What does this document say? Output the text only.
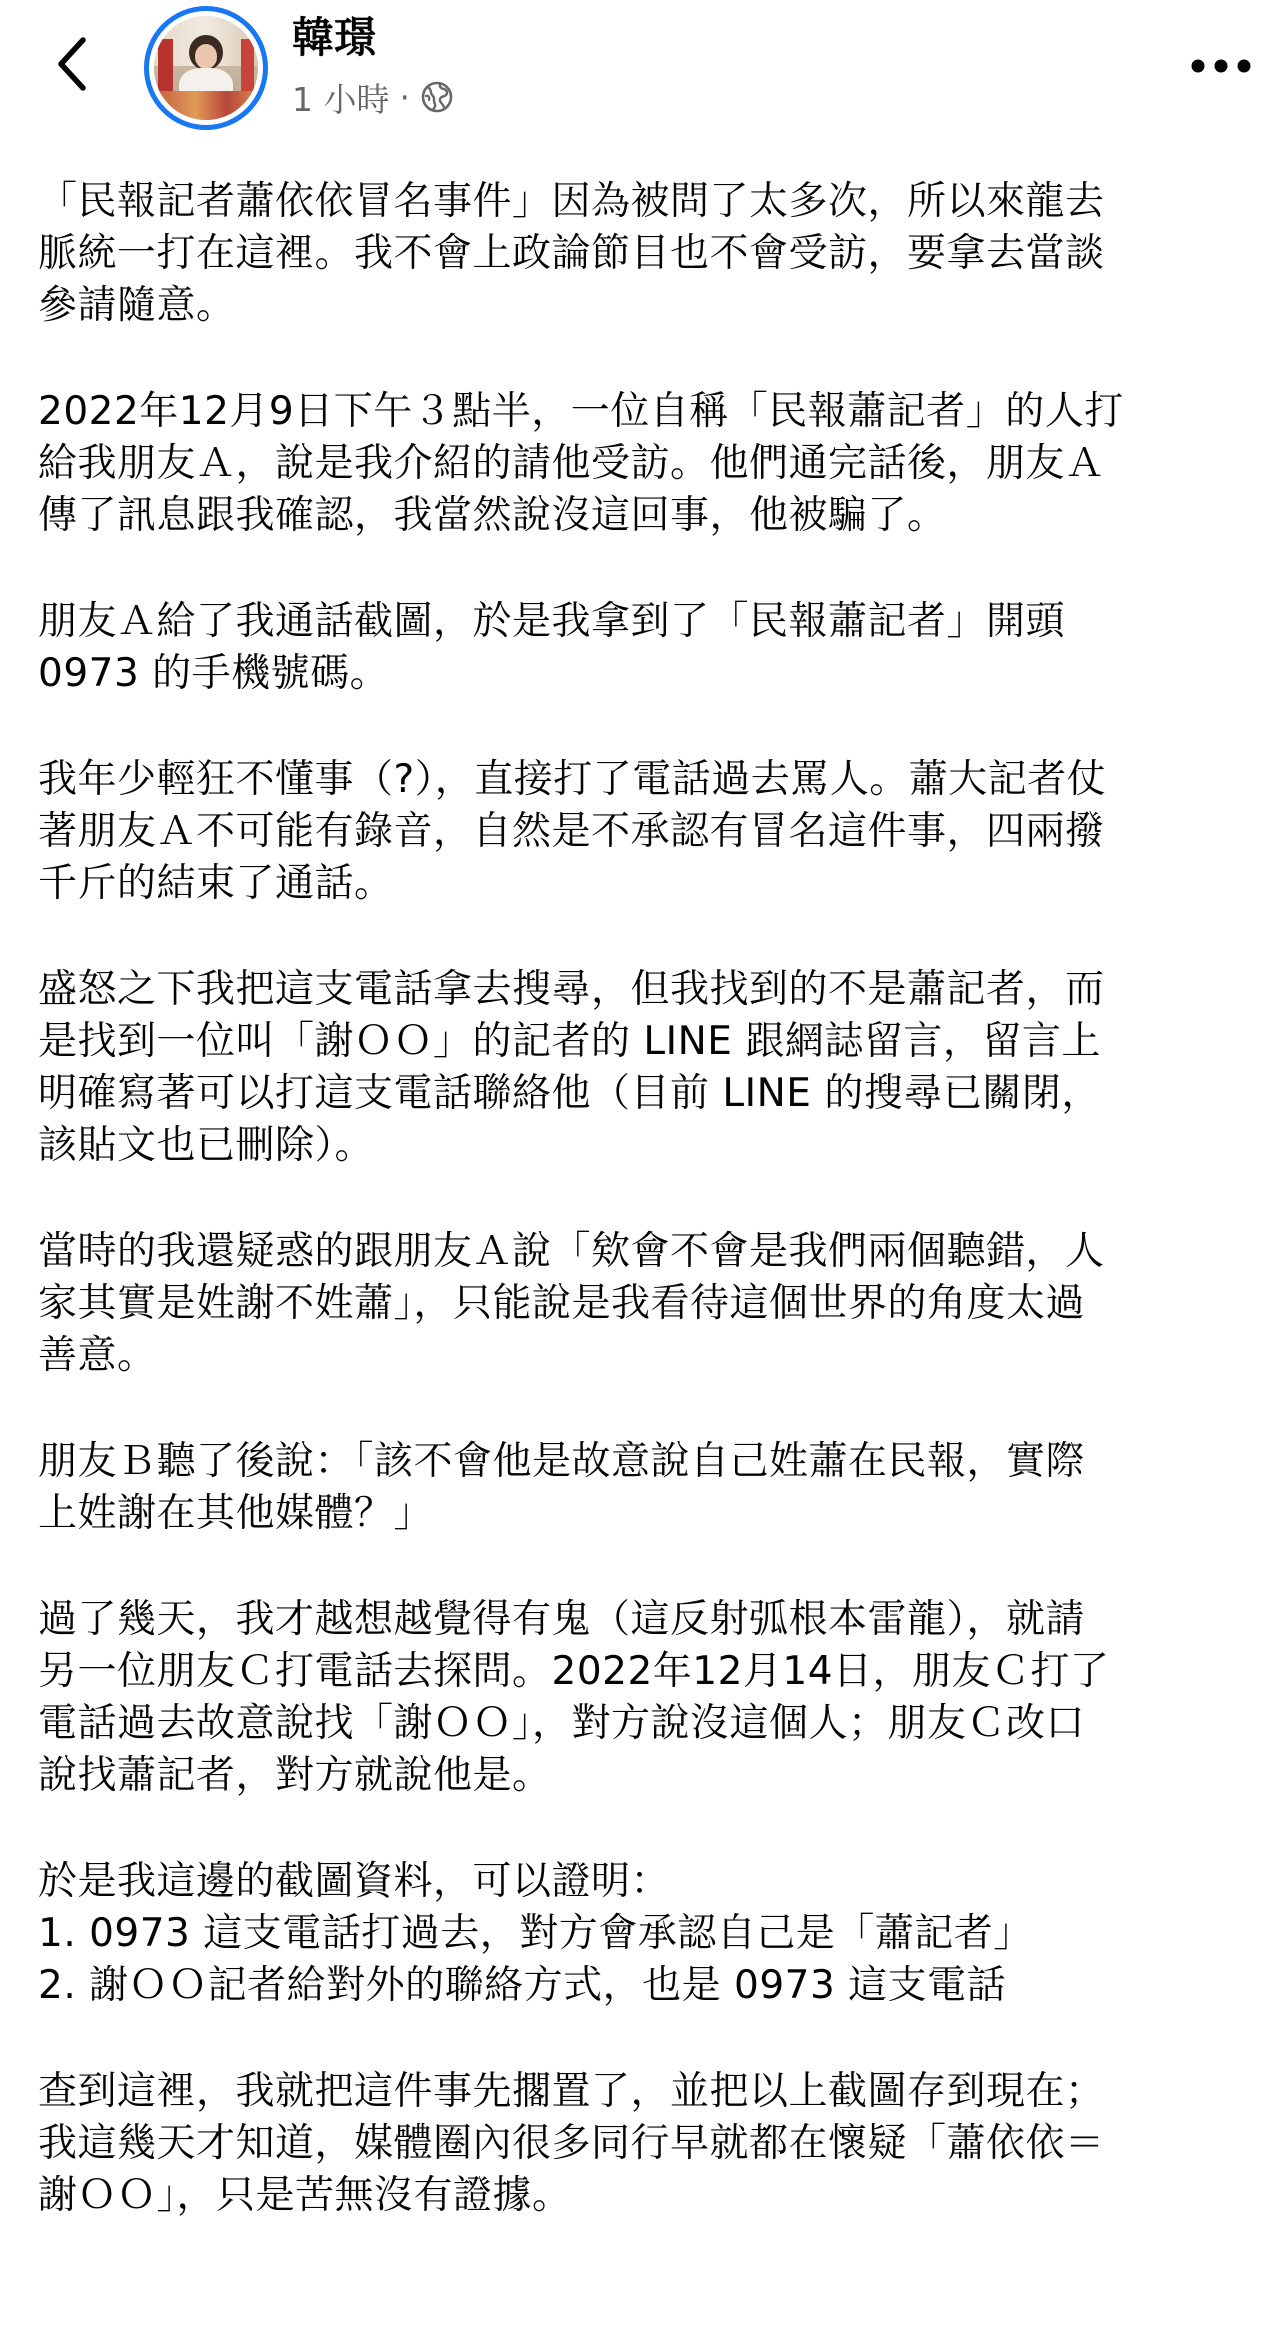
韓璟
1 小時 ·

「民報記者蕭依依冒名事件」因為被問了太多次，所以來龍去
脈統一打在這裡。我不會上政論節目也不會受訪，要拿去當談
參請隨意。

2022年12月9日下午３點半，一位自稱「民報蕭記者」的人打
給我朋友Ａ，說是我介紹的請他受訪。他們通完話後，朋友Ａ
傳了訊息跟我確認，我當然說沒這回事，他被騙了。

朋友Ａ給了我通話截圖，於是我拿到了「民報蕭記者」開頭
0973 的手機號碼。

我年少輕狂不懂事（?），直接打了電話過去罵人。蕭大記者仗
著朋友Ａ不可能有錄音，自然是不承認有冒名這件事，四兩撥
千斤的結束了通話。

盛怒之下我把這支電話拿去搜尋，但我找到的不是蕭記者，而
是找到一位叫「謝ＯＯ」的記者的 LINE 跟網誌留言，留言上
明確寫著可以打這支電話聯絡他（目前 LINE 的搜尋已關閉，
該貼文也已刪除）。

當時的我還疑惑的跟朋友Ａ說「欸會不會是我們兩個聽錯，人
家其實是姓謝不姓蕭」，只能說是我看待這個世界的角度太過
善意。

朋友Ｂ聽了後說：「該不會他是故意說自己姓蕭在民報，實際
上姓謝在其他媒體？」

過了幾天，我才越想越覺得有鬼（這反射弧根本雷龍），就請
另一位朋友Ｃ打電話去探問。2022年12月14日，朋友Ｃ打了
電話過去故意說找「謝ＯＯ」，對方說沒這個人；朋友Ｃ改口
說找蕭記者，對方就說他是。

於是我這邊的截圖資料，可以證明：
1. 0973 這支電話打過去，對方會承認自己是「蕭記者」
2. 謝ＯＯ記者給對外的聯絡方式，也是 0973 這支電話

查到這裡，我就把這件事先擱置了，並把以上截圖存到現在；
我這幾天才知道，媒體圈內很多同行早就都在懷疑「蕭依依＝
謝ＯＯ」，只是苦無沒有證據。
